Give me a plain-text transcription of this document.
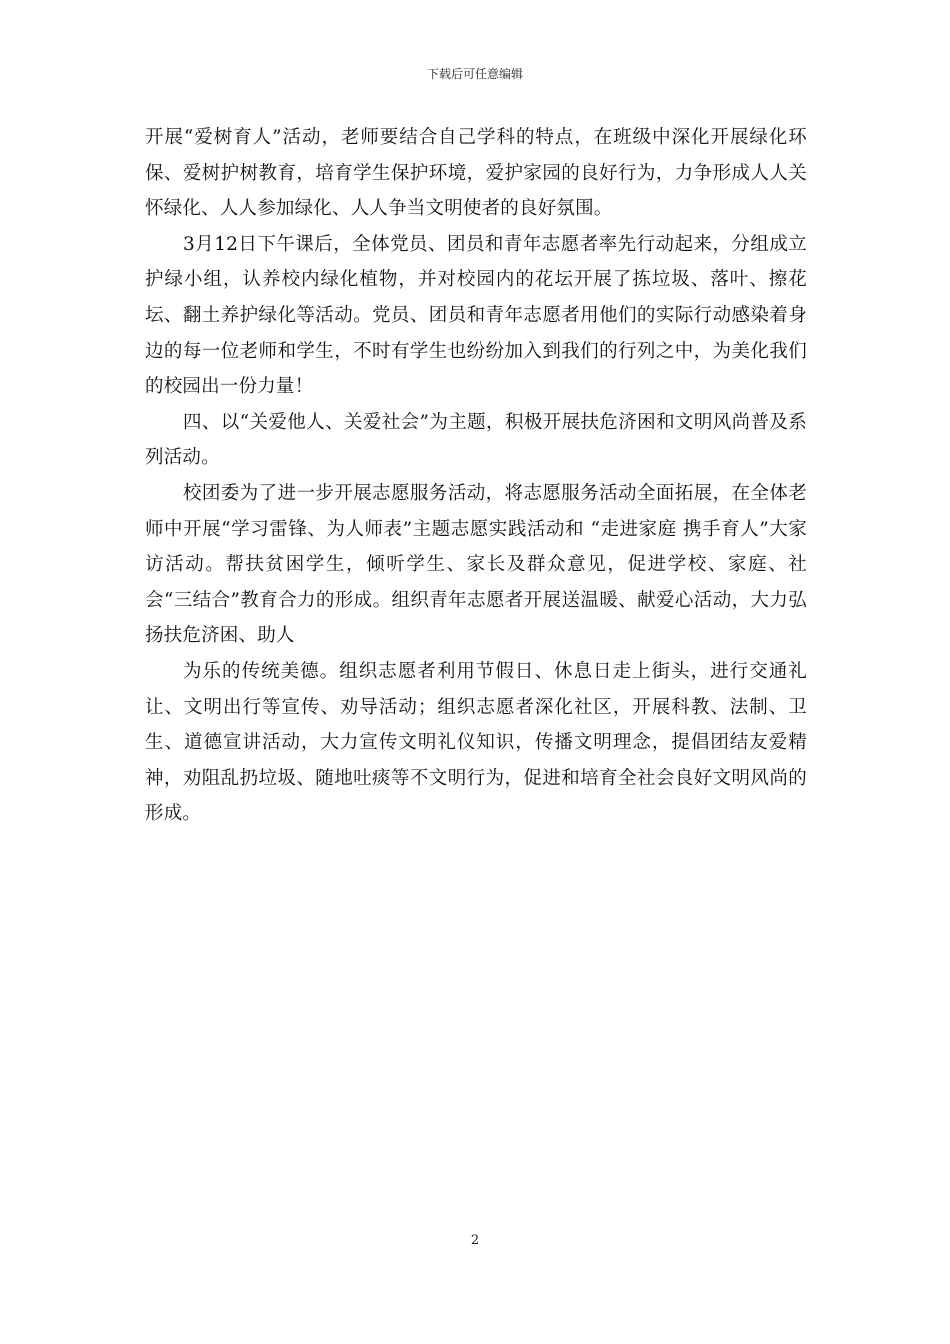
下载后可任意编辑

开展“爱树育人”活动，老师要结合自己学科的特点，在班级中深化开展绿化环保、爱树护树教育，培育学生保护环境，爱护家园的良好行为，力争形成人人关怀绿化、人人参加绿化、人人争当文明使者的良好氛围。

3月12日下午课后，全体党员、团员和青年志愿者率先行动起来，分组成立护绿小组，认养校内绿化植物，并对校园内的花坛开展了拣垃圾、落叶、擦花坛、翻土养护绿化等活动。党员、团员和青年志愿者用他们的实际行动感染着身边的每一位老师和学生，不时有学生也纷纷加入到我们的行列之中，为美化我们的校园出一份力量！

四、以“关爱他人、关爱社会”为主题，积极开展扶危济困和文明风尚普及系列活动。

校团委为了进一步开展志愿服务活动，将志愿服务活动全面拓展，在全体老师中开展“学习雷锋、为人师表”主题志愿实践活动和 “走进家庭 携手育人”大家访活动。帮扶贫困学生，倾听学生、家长及群众意见，促进学校、家庭、社会“三结合”教育合力的形成。组织青年志愿者开展送温暖、献爱心活动，大力弘扬扶危济困、助人

为乐的传统美德。组织志愿者利用节假日、休息日走上街头，进行交通礼让、文明出行等宣传、劝导活动；组织志愿者深化社区，开展科教、法制、卫生、道德宣讲活动，大力宣传文明礼仪知识，传播文明理念，提倡团结友爱精神，劝阻乱扔垃圾、随地吐痰等不文明行为，促进和培育全社会良好文明风尚的形成。

2
